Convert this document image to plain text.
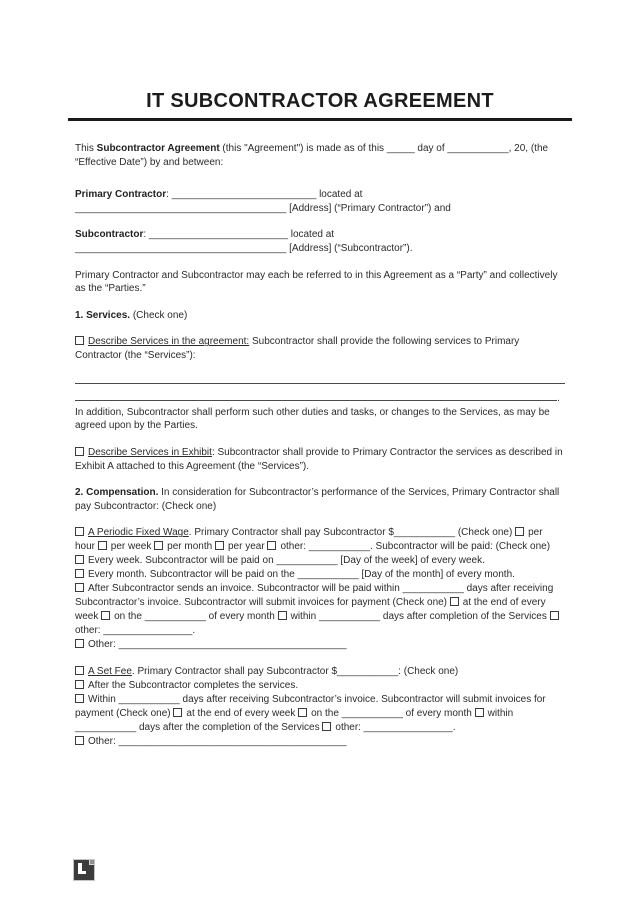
IT SUBCONTRACTOR AGREEMENT

This Subcontractor Agreement (this "Agreement") is made as of this _____ day of ___________, 20, (the “Effective Date”) by and between:

Primary Contractor: __________________________ located at
______________________________________ [Address] (“Primary Contractor”) and

Subcontractor: _________________________ located at
______________________________________ [Address] (“Subcontractor”).

Primary Contractor and Subcontractor may each be referred to in this Agreement as a “Party” and collectively as the “Parties.”

1. Services. (Check one)

Describe Services in the agreement: Subcontractor shall provide the following services to Primary Contractor (the “Services”):

.

In addition, Subcontractor shall perform such other duties and tasks, or changes to the Services, as may be agreed upon by the Parties.

Describe Services in Exhibit: Subcontractor shall provide to Primary Contractor the services as described in Exhibit A attached to this Agreement (the “Services”).

2. Compensation. In consideration for Subcontractor’s performance of the Services, Primary Contractor shall pay Subcontractor: (Check one)

A Periodic Fixed Wage. Primary Contractor shall pay Subcontractor $___________ (Check one) per hour per week per month per year other: ___________. Subcontractor will be paid: (Check one)
Every week. Subcontractor will be paid on ___________ [Day of the week] of every week.
Every month. Subcontractor will be paid on the ___________ [Day of the month] of every month.
After Subcontractor sends an invoice. Subcontractor will be paid within ___________ days after receiving Subcontractor’s invoice. Subcontractor will submit invoices for payment (Check one) at the end of every week on the ___________ of every month within ___________ days after completion of the Services other: ________________.
Other: _________________________________________

A Set Fee. Primary Contractor shall pay Subcontractor $___________: (Check one)
After the Subcontractor completes the services.
Within ___________ days after receiving Subcontractor’s invoice. Subcontractor will submit invoices for payment (Check one) at the end of every week on the ___________ of every month within ___________ days after the completion of the Services other: ________________.
Other: _________________________________________
